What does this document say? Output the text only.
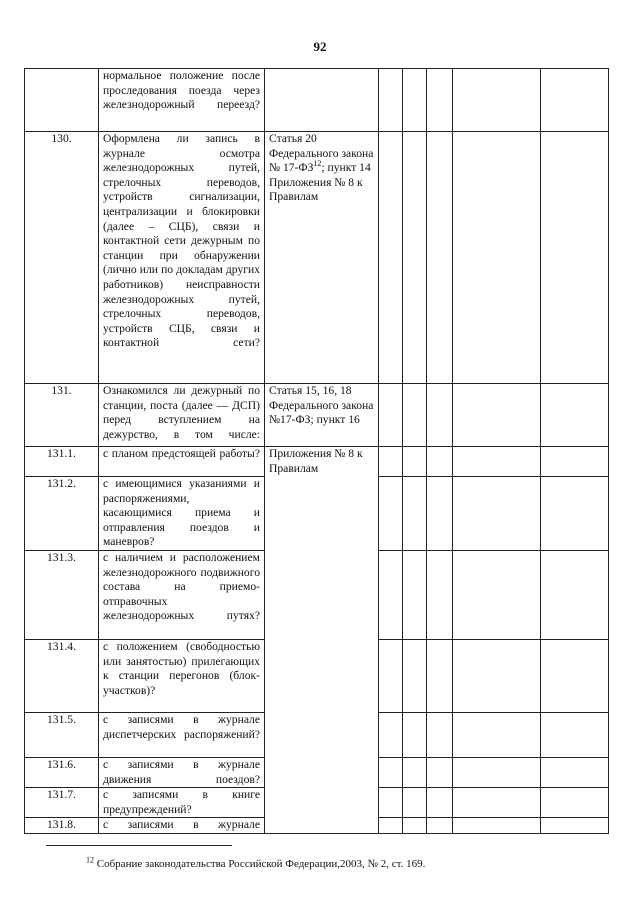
92
	нормальное положение после проследования поезда через железнодорожный переезд?						
130.	Оформлена ли запись в журнале осмотра железнодорожных путей, стрелочных переводов, устройств сигнализации, централизации и блокировки (далее – СЦБ), связи и контактной сети дежурным по станции при обнаружении (лично или по докладам других работников) неисправности железнодорожных путей, стрелочных переводов, устройств СЦБ, связи и контактной сети?	Статья 20 Федерального закона № 17-ФЗ$^{12}$; пункт 14 Приложения № 8 к Правилам					
131.	Ознакомился ли дежурный по станции, поста (далее — ДСП) перед вступлением на дежурство, в том числе:	Статья 15, 16, 18 Федерального закона №17-ФЗ; пункт 16					
131.1.	с планом предстоящей работы?	Приложения № 8 к Правилам					
131.2.	с имеющимися указаниями и распоряжениями, касающимися приема и отправления поездов и маневров?						
131.3.	с наличием и расположением железнодорожного подвижного состава на приемо-отправочных железнодорожных путях?						
131.4.	с положением (свободностью или занятостью) прилегающих к станции перегонов (блок-участков)?						
131.5.	с записями в журнале диспетчерских распоряжений?						
131.6.	с записями в журнале движения поездов?						
131.7.	с записями в книге предупреждений?						
131.8.	с записями в журнале						
$^{12}$ Собрание законодательства Российской Федерации,2003, № 2, ст. 169.
